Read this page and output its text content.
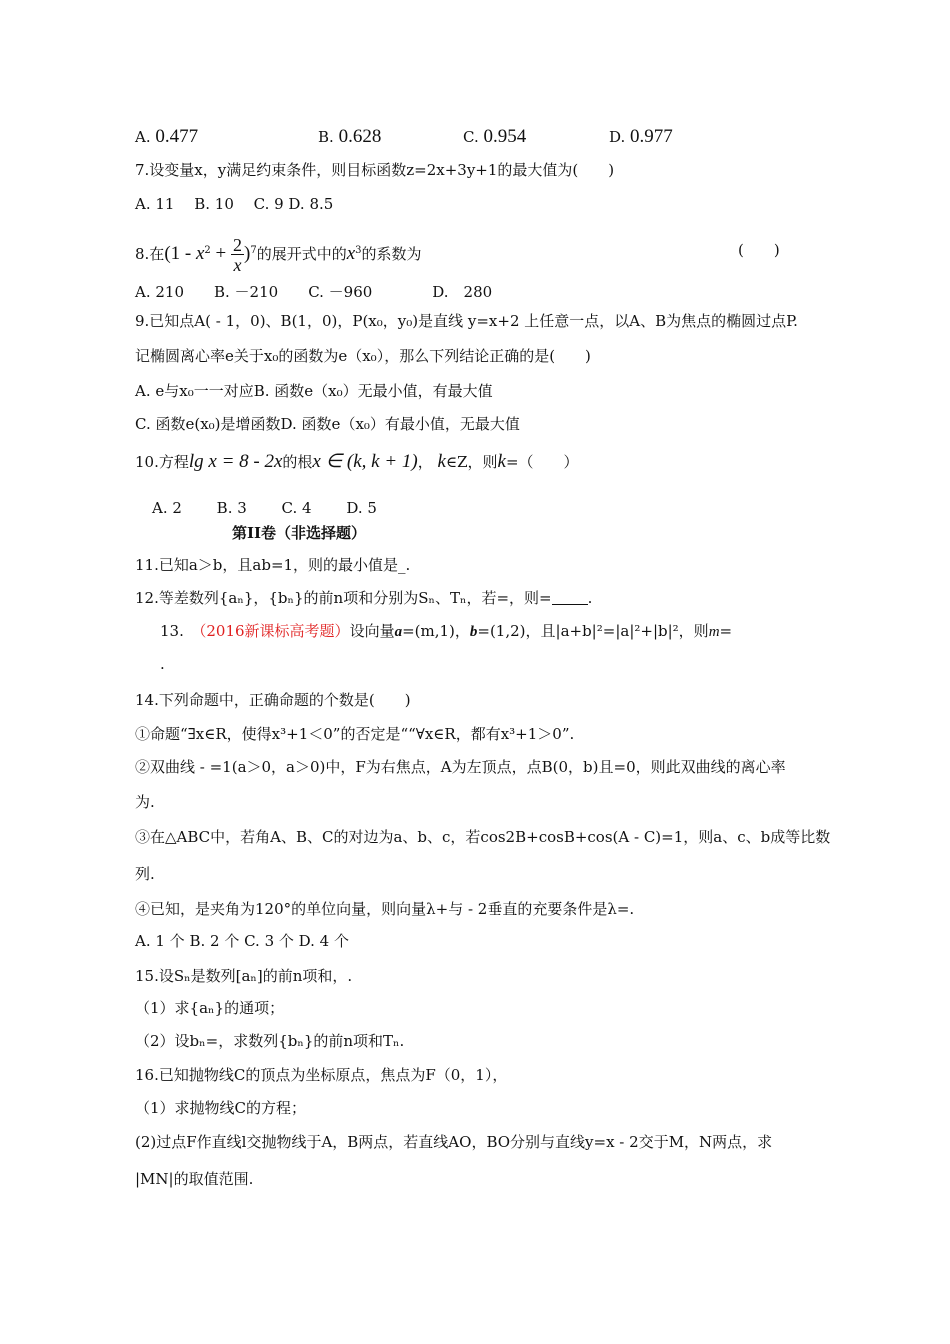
A. 0.477	B. 0.628	C. 0.954	D. 0.977
7.设变量x，y满足约束条件，则目标函数z=2x+3y+1的最大值为(　　)
A. 11　 B. 10　 C. 9 D. 8.5
8.在$(1 - x^2 + \frac{2}{x} )^7$的展开式中的$x^3$的系数为	(　　)
A. 210　　B. －210　　C. －960　　　　D.　280
9.已知点A( - 1，0)、B(1，0)，P(x₀，y₀)是直线 y=x+2 上任意一点，以A、B为焦点的椭圆过点P.
记椭圆离心率e关于x₀的函数为e（x₀），那么下列结论正确的是(　　)
A. e与x₀一一对应B. 函数e（x₀）无最小值，有最大值
C. 函数e(x₀)是增函数D. 函数e（x₀）有最小值，无最大值
10.方程lg x = 8 - 2x的根x ∈ (k, k + 1)， k∈Z，则k=（　　）
A. 2　　 B. 3　　 C. 4　　 D. 5
第II卷（非选择题）
11.已知a＞b，且ab=1，则的最小值是_.
12.等差数列{aₙ}，{bₙ}的前n项和分别为Sₙ、Tₙ，若=，则= .
13.　 （2016新课标高考题）设向量a=(m,1)，b=(1,2)，且|a+b|²=|a|²+|b|²，则m=
.
14.下列命题中，正确命题的个数是(　　)
①命题“∃x∈R，使得x³+1＜0”的否定是““∀x∈R，都有x³+1＞0”.
②双曲线 - =1(a＞0，a＞0)中，F为右焦点，A为左顶点，点B(0，b)且=0，则此双曲线的离心率
为.
③在△ABC中，若角A、B、C的对边为a、b、c，若cos2B+cosB+cos(A - C)=1，则a、c、b成等比数
列.
④已知，是夹角为120°的单位向量，则向量λ+与 - 2垂直的充要条件是λ=.
A. 1 个 B. 2 个 C. 3 个 D. 4 个
15.设Sₙ是数列[aₙ]的前n项和，.
（1）求{aₙ}的通项；
（2）设bₙ=，求数列{bₙ}的前n项和Tₙ.
16.已知抛物线C的顶点为坐标原点，焦点为F（0，1），
（1）求抛物线C的方程；
(2)过点F作直线l交抛物线于A，B两点，若直线AO，BO分别与直线y=x - 2交于M，N两点，求
|MN|的取值范围.
